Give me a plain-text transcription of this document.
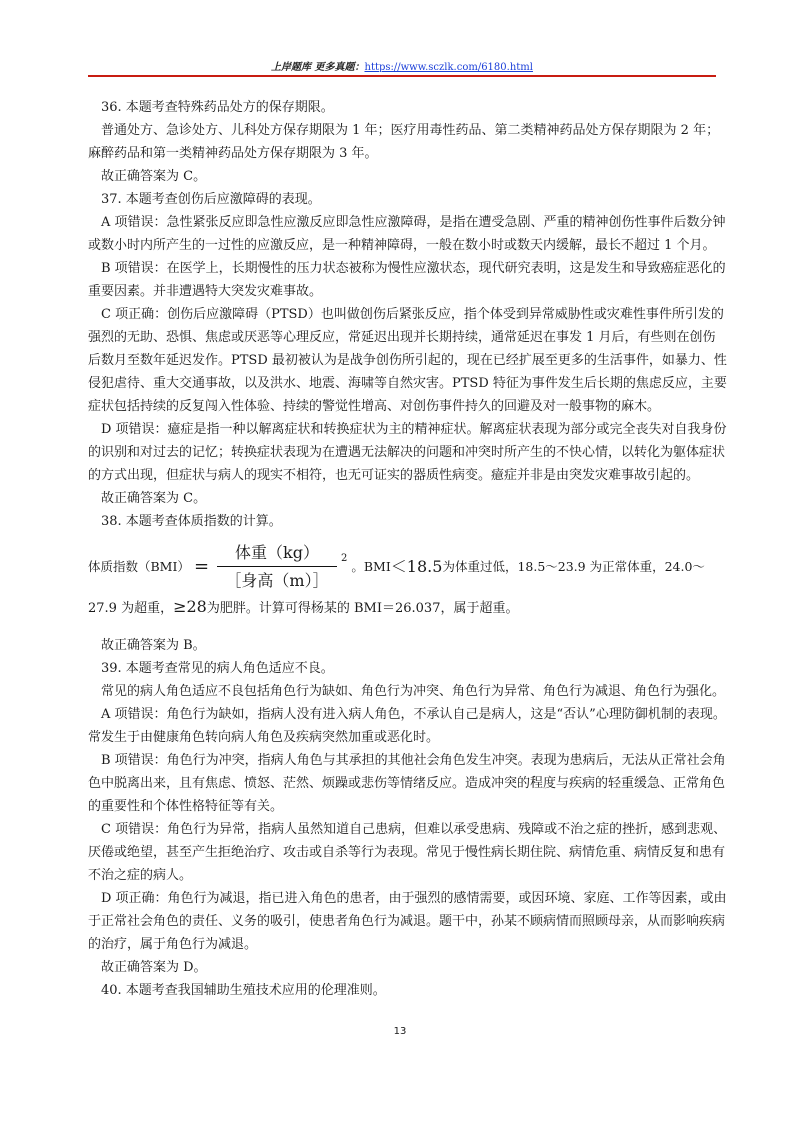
上岸题库 更多真题：https://www.sczlk.com/6180.html

36. 本题考查特殊药品处方的保存期限。

普通处方、急诊处方、儿科处方保存期限为 1 年；医疗用毒性药品、第二类精神药品处方保存期限为 2 年；麻醉药品和第一类精神药品处方保存期限为 3 年。

故正确答案为 C。

37. 本题考查创伤后应激障碍的表现。

A 项错误：急性紧张反应即急性应激反应即急性应激障碍，是指在遭受急剧、严重的精神创伤性事件后数分钟或数小时内所产生的一过性的应激反应，是一种精神障碍，一般在数小时或数天内缓解，最长不超过 1 个月。

B 项错误：在医学上，长期慢性的压力状态被称为慢性应激状态，现代研究表明，这是发生和导致癌症恶化的重要因素。并非遭遇特大突发灾难事故。

C 项正确：创伤后应激障碍（PTSD）也叫做创伤后紧张反应，指个体受到异常威胁性或灾难性事件所引发的强烈的无助、恐惧、焦虑或厌恶等心理反应，常延迟出现并长期持续，通常延迟在事发 1 月后，有些则在创伤后数月至数年延迟发作。PTSD 最初被认为是战争创伤所引起的，现在已经扩展至更多的生活事件，如暴力、性侵犯虐待、重大交通事故，以及洪水、地震、海啸等自然灾害。PTSD 特征为事件发生后长期的焦虑反应，主要症状包括持续的反复闯入性体验、持续的警觉性增高、对创伤事件持久的回避及对一般事物的麻木。

D 项错误：癔症是指一种以解离症状和转换症状为主的精神症状。解离症状表现为部分或完全丧失对自我身份的识别和对过去的记忆；转换症状表现为在遭遇无法解决的问题和冲突时所产生的不快心情，以转化为躯体症状的方式出现，但症状与病人的现实不相符，也无可证实的器质性病变。癔症并非是由突发灾难事故引起的。

故正确答案为 C。

38. 本题考查体质指数的计算。

体质指数$(BMI) = \frac{\text{体重（kg）}}{\text{［身高（m）］}} 2$
。BMI ＜18.5 为体重过低，18.5～23.9 为正常体重，24.0～

27.9 为超重，≥28为肥胖。计算可得杨某的 BMI＝26.037，属于超重。

故正确答案为 B。

39. 本题考查常见的病人角色适应不良。

常见的病人角色适应不良包括角色行为缺如、角色行为冲突、角色行为异常、角色行为减退、角色行为强化。

A 项错误：角色行为缺如，指病人没有进入病人角色，不承认自己是病人，这是“否认”心理防御机制的表现。常发生于由健康角色转向病人角色及疾病突然加重或恶化时。

B 项错误：角色行为冲突，指病人角色与其承担的其他社会角色发生冲突。表现为患病后，无法从正常社会角色中脱离出来，且有焦虑、愤怒、茫然、烦躁或悲伤等情绪反应。造成冲突的程度与疾病的轻重缓急、正常角色的重要性和个体性格特征等有关。

C 项错误：角色行为异常，指病人虽然知道自己患病，但难以承受患病、残障或不治之症的挫折，感到悲观、厌倦或绝望，甚至产生拒绝治疗、攻击或自杀等行为表现。常见于慢性病长期住院、病情危重、病情反复和患有不治之症的病人。

D 项正确：角色行为减退，指已进入角色的患者，由于强烈的感情需要，或因环境、家庭、工作等因素，或由于正常社会角色的责任、义务的吸引，使患者角色行为减退。题干中，孙某不顾病情而照顾母亲，从而影响疾病的治疗，属于角色行为减退。

故正确答案为 D。

40. 本题考查我国辅助生殖技术应用的伦理准则。

13
